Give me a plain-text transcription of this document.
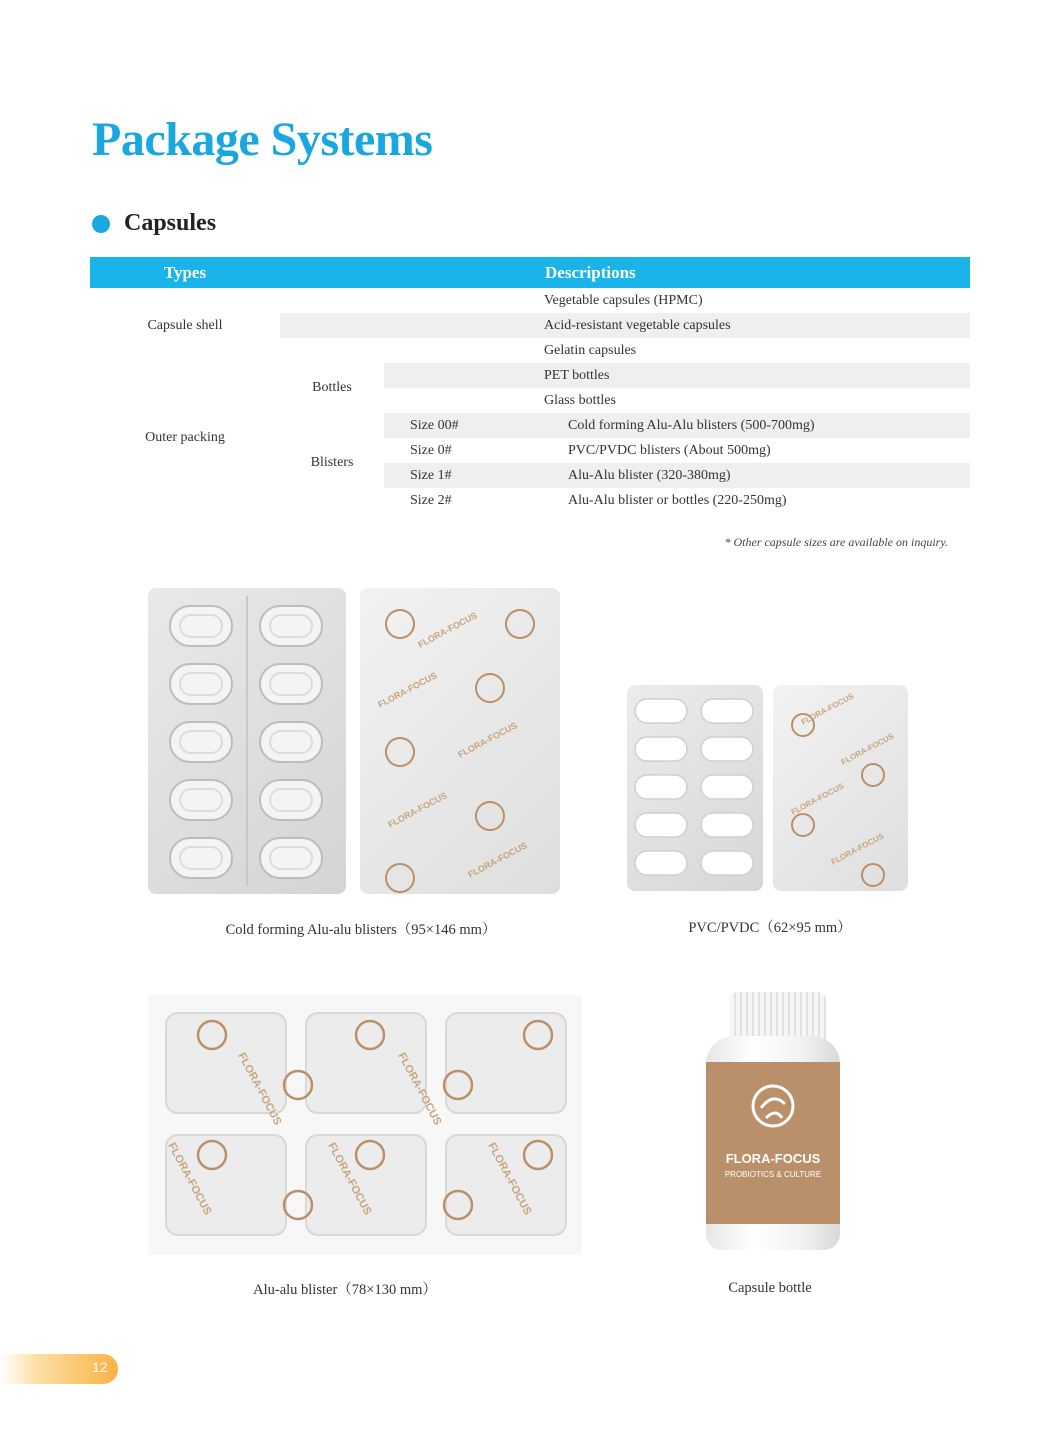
Package Systems
Capsules
Types	Descriptions		
Capsule shell	Vegetable capsules (HPMC)		
	Acid-resistant vegetable capsules		
	Gelatin capsules		
Outer packing	Bottles	PET bottles	
		Glass bottles	
	Blisters	Size 00#	Cold forming Alu-Alu blisters (500-700mg)
		Size 0#	PVC/PVDC blisters (About 500mg)
		Size 1#	Alu-Alu blister (320-380mg)
		Size 2#	Alu-Alu blister or bottles (220-250mg)
* Other capsule sizes are available on inquiry.
FLORA-FOCUS
FLORA-FOCUS
FLORA-FOCUS
FLORA-FOCUS
FLORA-FOCUS
Cold forming Alu-alu blisters（95×146 mm）
FLORA-FOCUS
FLORA-FOCUS
FLORA-FOCUS
FLORA-FOCUS
PVC/PVDC（62×95 mm）
FLORA-FOCUS	FLORA-FOCUS
FLORA-FOCUS	FLORA-FOCUS	FLORA-FOCUS
Alu-alu blister（78×130 mm）
FLORA-FOCUS
PROBIOTICS & CULTURE
Capsule bottle
12
